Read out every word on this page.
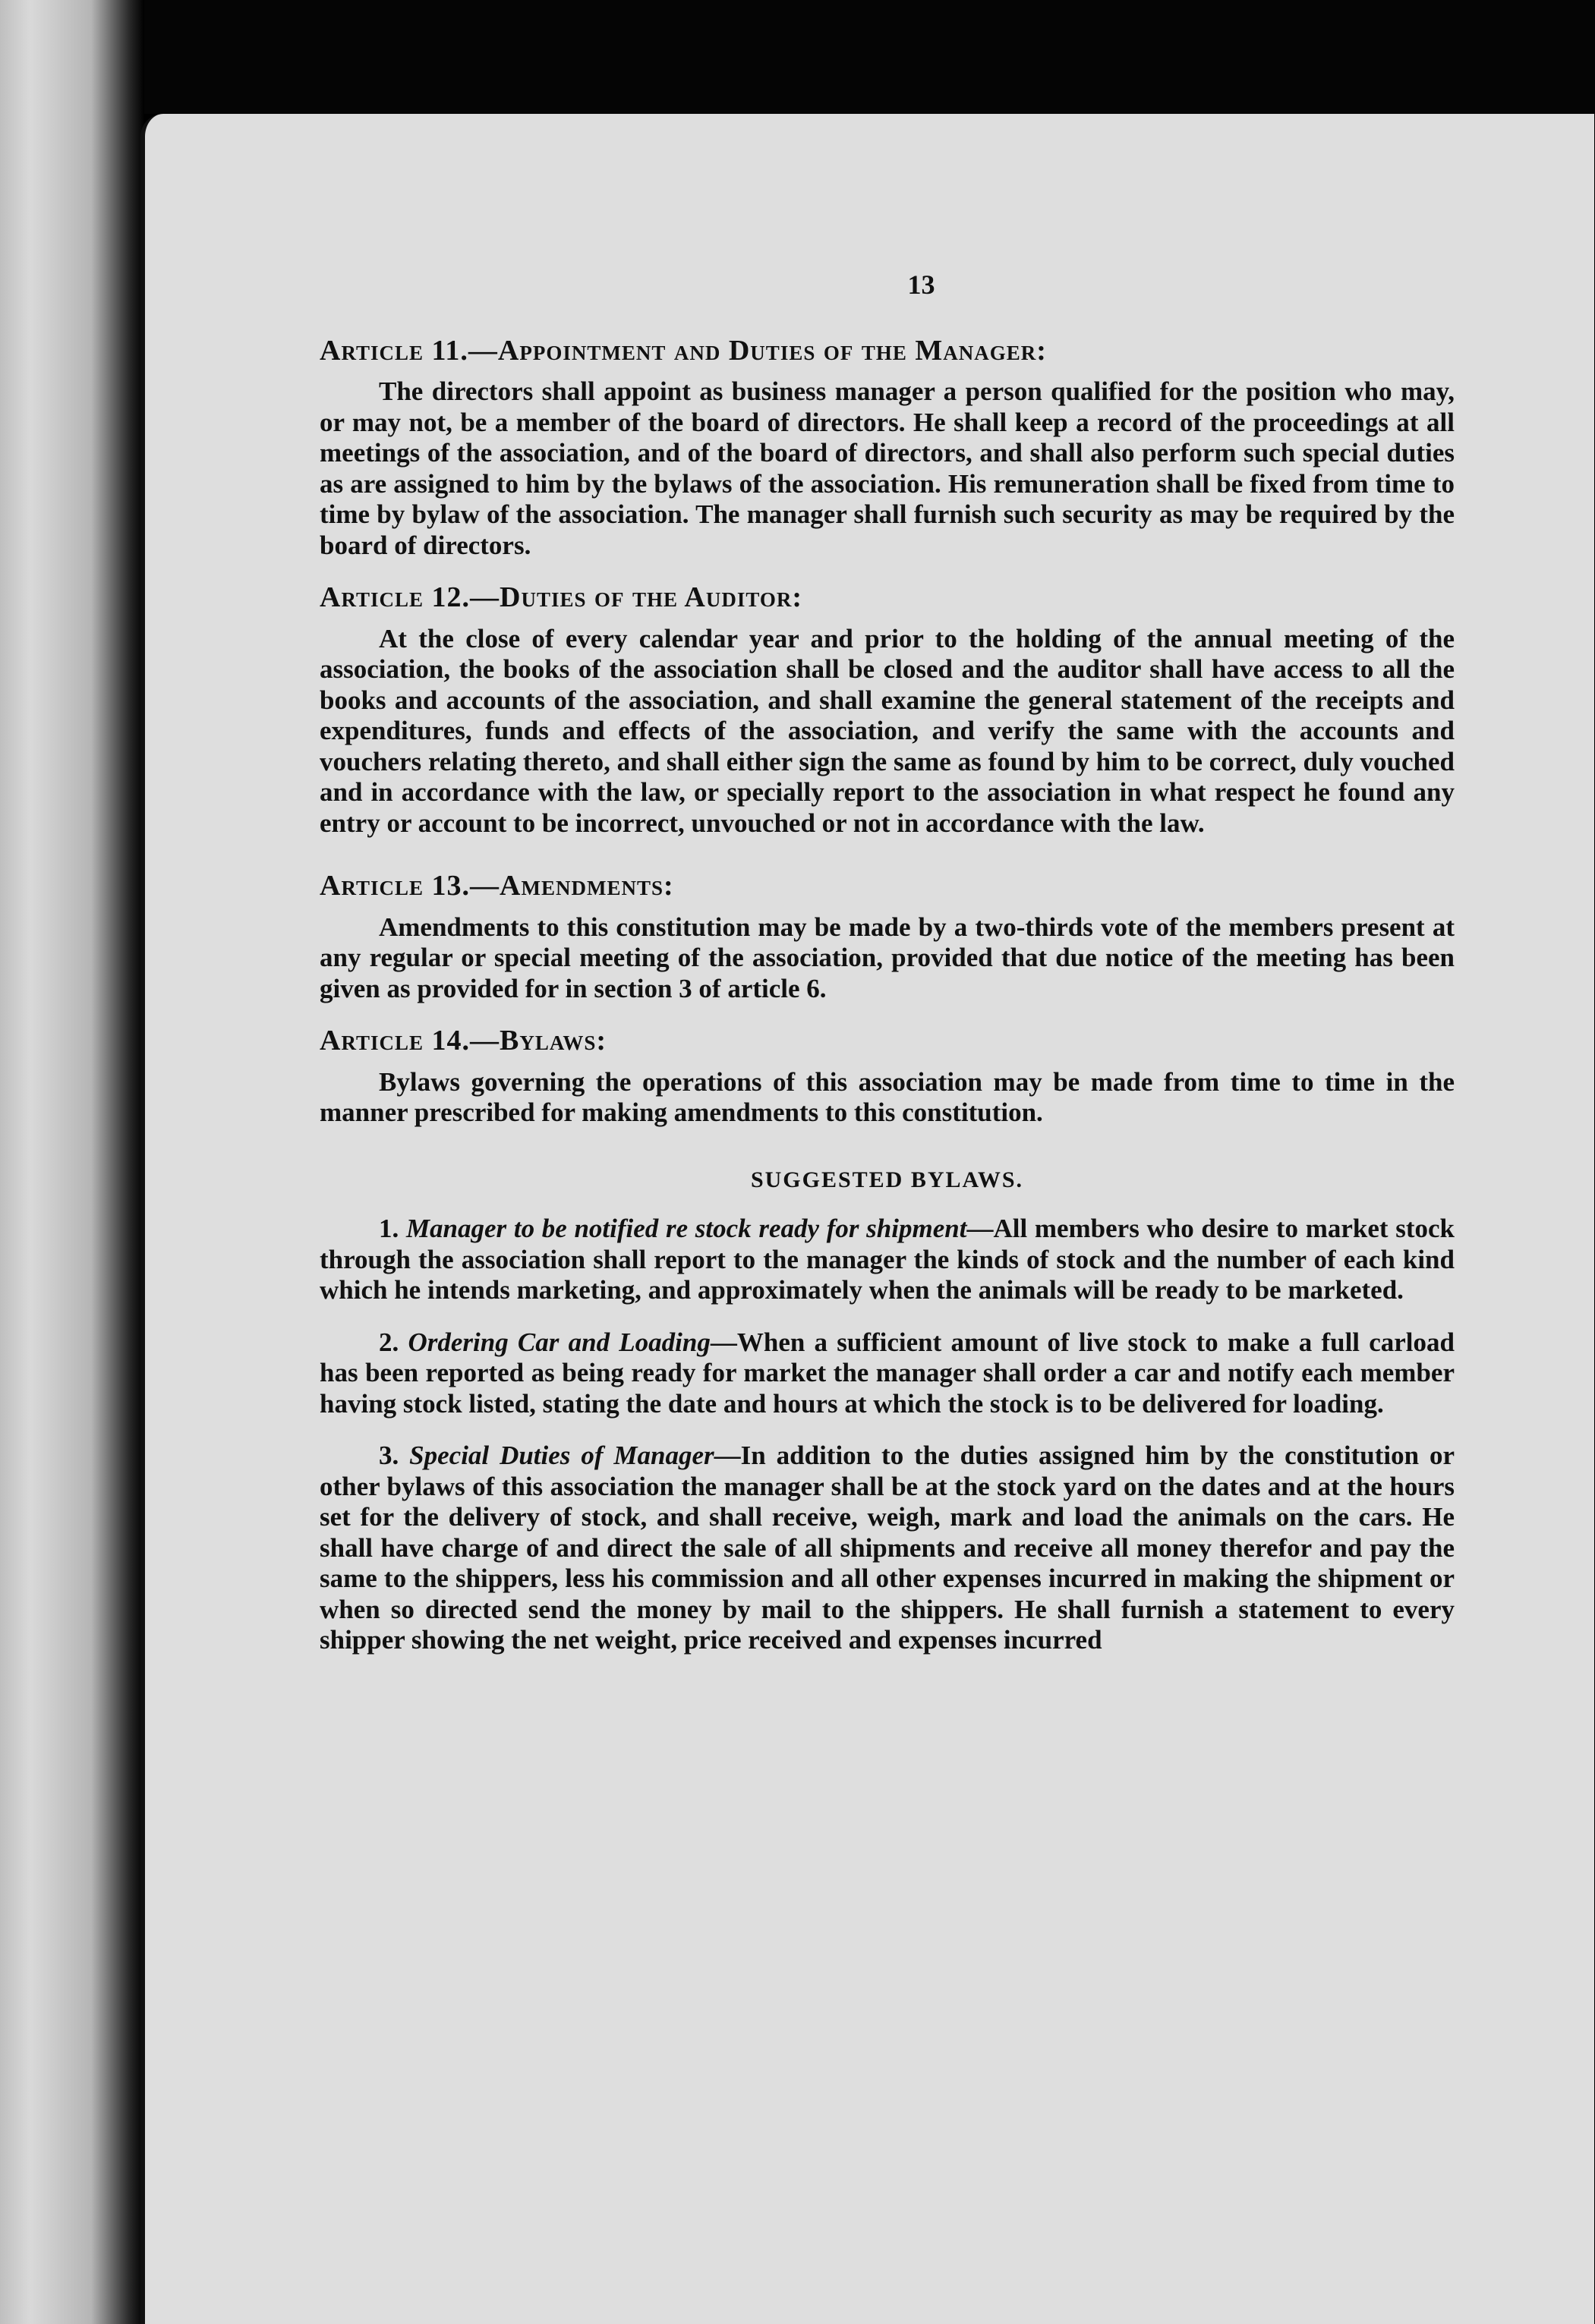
13
Article 11.—Appointment and Duties of the Manager:

The directors shall appoint as business manager a person qualified for the position who may, or may not, be a member of the board of directors. He shall keep a record of the proceedings at all meetings of the association, and of the board of directors, and shall also perform such special duties as are assigned to him by the bylaws of the association. His remuneration shall be fixed from time to time by bylaw of the association. The manager shall furnish such security as may be required by the board of directors.

Article 12.—Duties of the Auditor:

At the close of every calendar year and prior to the holding of the annual meeting of the association, the books of the association shall be closed and the auditor shall have access to all the books and accounts of the association, and shall examine the general statement of the receipts and expenditures, funds and effects of the association, and verify the same with the accounts and vouchers relating thereto, and shall either sign the same as found by him to be correct, duly vouched and in accordance with the law, or specially report to the association in what respect he found any entry or account to be incorrect, unvouched or not in accordance with the law.

Article 13.—Amendments:

Amendments to this constitution may be made by a two-thirds vote of the members present at any regular or special meeting of the association, provided that due notice of the meeting has been given as provided for in section 3 of article 6.

Article 14.—Bylaws:

Bylaws governing the operations of this association may be made from time to time in the manner prescribed for making amendments to this constitution.

SUGGESTED BYLAWS.

1. Manager to be notified re stock ready for shipment—All members who desire to market stock through the association shall report to the manager the kinds of stock and the number of each kind which he intends marketing, and approximately when the animals will be ready to be marketed.

2. Ordering Car and Loading—When a sufficient amount of live stock to make a full carload has been reported as being ready for market the manager shall order a car and notify each member having stock listed, stating the date and hours at which the stock is to be delivered for loading.

3. Special Duties of Manager—In addition to the duties assigned him by the constitution or other bylaws of this association the manager shall be at the stock yard on the dates and at the hours set for the delivery of stock, and shall receive, weigh, mark and load the animals on the cars. He shall have charge of and direct the sale of all shipments and receive all money therefor and pay the same to the shippers, less his commission and all other expenses incurred in making the shipment or when so directed send the money by mail to the shippers. He shall furnish a statement to every shipper showing the net weight, price received and expenses incurred
